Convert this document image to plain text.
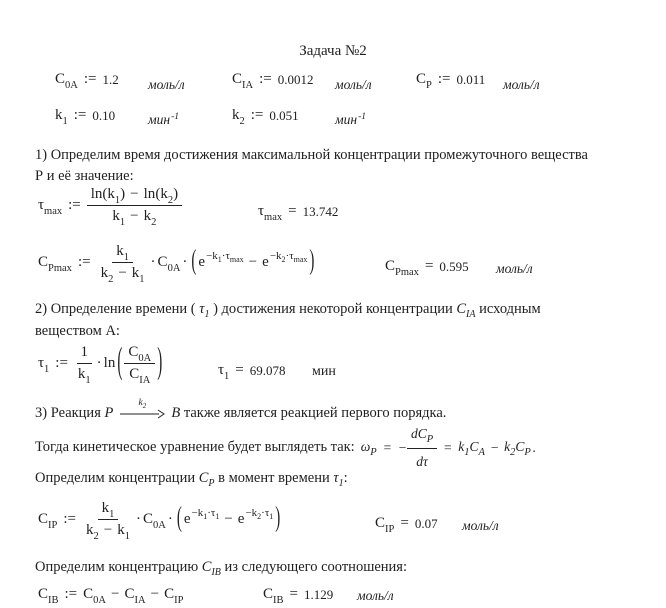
Задача №2
$C_{0A}$ := 1.2 моль/л	$C_{IA}$ := 0.0012 моль/л	$C_P$ := 0.011 моль/л
$k_1$ := 0.10 мин$^{-1}$	$k_2$ := 0.051	мин$^{-1}$
1) Определим время достижения максимальной концентрации промежуточного вещества
Р и её значение:
$\tau_{max}$ := $\frac{\ln(k_1) - \ln(k_2)}{k_1 - k_2}$	$\tau_{max} = 13.742$
$C_{Pmax}$ := $\frac{k_1}{k_2 - k_1} \cdot C_{0A}$ · ( $e^{-k_1\cdot\tau_{max}} - e^{-k_2\cdot\tau_{max}}$ )	$C_{Pmax} = 0.595$ моль/л
2) Определение времени ( $\tau_1$ ) достижения некоторой концентрации $C_{IA}$ исходным
веществом А:
$\tau_1$ := $\frac{1}{k_1} \cdot \ln$ ( $\frac{C_{0A}}{C_{IA}}$ )	$\tau_1 = 69.078$ мин
3) Реакция P
$k_2$ B также является реакцией первого порядка.
Тогда кинетическое уравнение будет выглядеть так: $\omega_P$ = − $\frac{dC_P}{d\tau} = k_1C_A - k_2C_P$ .
Определим концентрации $C_P$ в момент времени $\tau_1$:
$C_{IP}$ := $\frac{k_1}{k_2 - k_1} \cdot C_{0A}$ · ( $e^{-k_1\cdot\tau_1} - e^{-k_2\cdot\tau_1}$ )	$C_{IP} = 0.07$ моль/л
Определим концентрацию $C_{IB}$ из следующего соотношения:
$C_{IB}$ := $C_{0A} - C_{IA} - C_{IP}$	$C_{IB} = 1.129$ моль/л
